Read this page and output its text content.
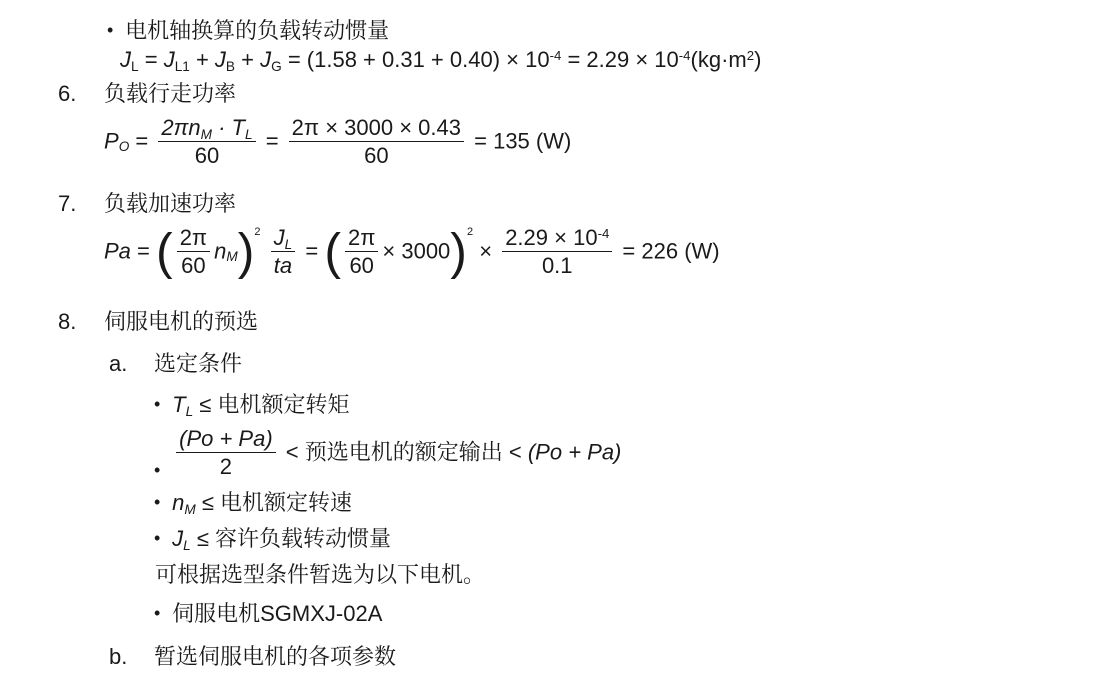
• 电机轴换算的负载转动惯量
$J_L = J_{L1} + J_B + J_G = (1.58 + 0.31 + 0.40) \times 10^{-4} = 2.29 \times 10^{-4}(kg\cdot m^2)$
6. 负载行走功率
$P_O = \frac{2\pi n_M \cdot T_L}{60} = \frac{2\pi \times 3000 \times 0.43}{60} = 135$ (W)
7. 负载加速功率
Pa = ( $\frac{2\pi}{60} n_M)^2 \frac{J_L}{ta}$ = ( $\frac{2\pi}{60} \times 3000)^2 \times \frac{2.29 \times 10^{-4}}{0.1} = 226$ (W)
8. 伺服电机的预选
a. 选定条件
• $T_L$ ≤ 电机额定转矩
• $\frac{(Po + Pa)}{2}$ < 预选电机的额定输出 < (Po + Pa)
• $n_M$ ≤ 电机额定转速
• $J_L$ ≤ 容许负载转动惯量
可根据选型条件暂选为以下电机。
• 伺服电机SGMXJ-02A
b. 暂选伺服电机的各项参数
